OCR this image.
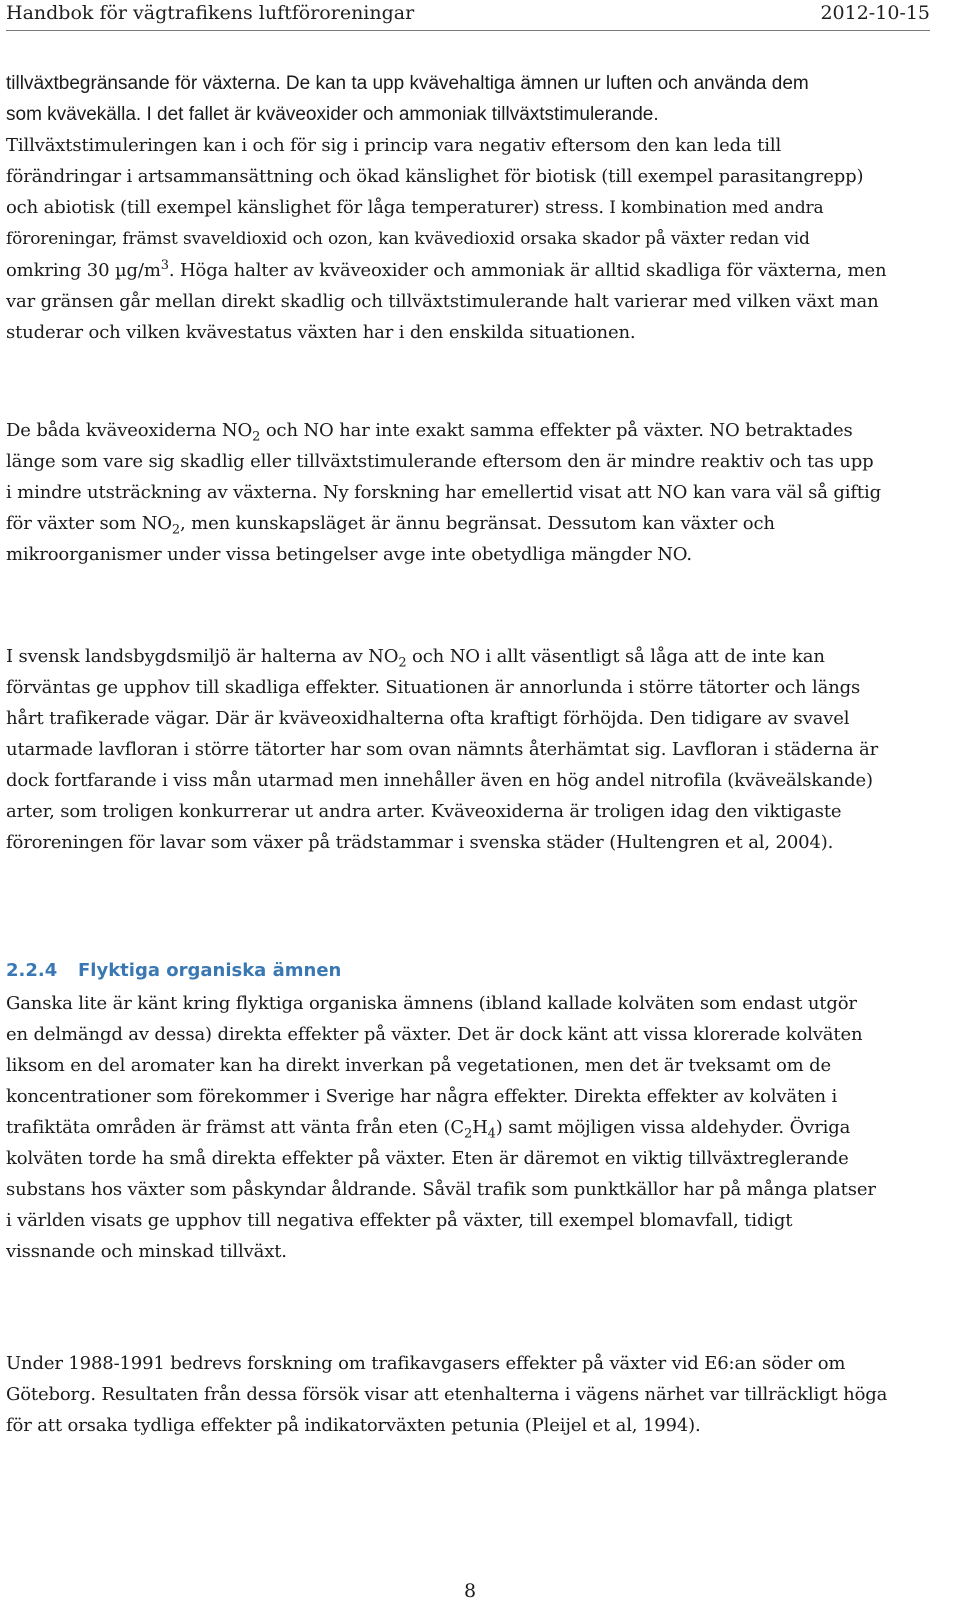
Handbok för vägtrafikens luftföroreningar	2012-10-15
tillväxtbegränsande för växterna. De kan ta upp kvävehaltiga ämnen ur luften och använda dem
som kvävekälla. I det fallet är kväveoxider och ammoniak tillväxtstimulerande.
Tillväxtstimuleringen kan i och för sig i princip vara negativ eftersom den kan leda till
förändringar i artsammansättning och ökad känslighet för biotisk (till exempel parasitangrepp)
och abiotisk (till exempel känslighet för låga temperaturer) stress. I kombination med andra
föroreningar, främst svaveldioxid och ozon, kan kvävedioxid orsaka skador på växter redan vid
omkring 30 $\mu g/m^3$. Höga halter av kväveoxider och ammoniak är alltid skadliga för växterna, men
var gränsen går mellan direkt skadlig och tillväxtstimulerande halt varierar med vilken växt man
studerar och vilken kvävestatus växten har i den enskilda situationen.
De båda kväveoxiderna $NO_2$ och NO har inte exakt samma effekter på växter. NO betraktades
länge som vare sig skadlig eller tillväxtstimulerande eftersom den är mindre reaktiv och tas upp
i mindre utsträckning av växterna. Ny forskning har emellertid visat att NO kan vara väl så giftig
för växter som $NO_2$, men kunskapsläget är ännu begränsat. Dessutom kan växter och
mikroorganismer under vissa betingelser avge inte obetydliga mängder NO.
I svensk landsbygdsmiljö är halterna av $NO_2$ och NO i allt väsentligt så låga att de inte kan
förväntas ge upphov till skadliga effekter. Situationen är annorlunda i större tätorter och längs
hårt trafikerade vägar. Där är kväveoxidhalterna ofta kraftigt förhöjda. Den tidigare av svavel
utarmade lavfloran i större tätorter har som ovan nämnts återhämtat sig. Lavfloran i städerna är
dock fortfarande i viss mån utarmad men innehåller även en hög andel nitrofila (kväveälskande)
arter, som troligen konkurrerar ut andra arter. Kväveoxiderna är troligen idag den viktigaste
föroreningen för lavar som växer på trädstammar i svenska städer (Hultengren et al, 2004).
2.2.4 Flyktiga organiska ämnen
Ganska lite är känt kring flyktiga organiska ämnens (ibland kallade kolväten som endast utgör
en delmängd av dessa) direkta effekter på växter. Det är dock känt att vissa klorerade kolväten
liksom en del aromater kan ha direkt inverkan på vegetationen, men det är tveksamt om de
koncentrationer som förekommer i Sverige har några effekter. Direkta effekter av kolväten i
trafiktäta områden är främst att vänta från eten $(C_2H_4)$ samt möjligen vissa aldehyder. Övriga
kolväten torde ha små direkta effekter på växter. Eten är däremot en viktig tillväxtreglerande
substans hos växter som påskyndar åldrande. Såväl trafik som punktkällor har på många platser
i världen visats ge upphov till negativa effekter på växter, till exempel blomavfall, tidigt
vissnande och minskad tillväxt.
Under 1988-1991 bedrevs forskning om trafikavgasers effekter på växter vid E6:an söder om
Göteborg. Resultaten från dessa försök visar att etenhalterna i vägens närhet var tillräckligt höga
för att orsaka tydliga effekter på indikatorväxten petunia (Pleijel et al, 1994).
8
